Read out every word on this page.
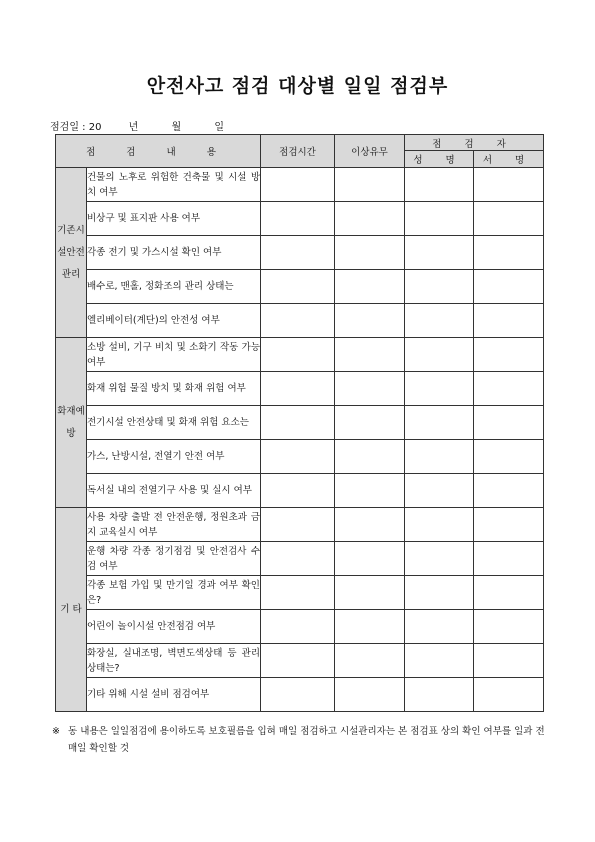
안전사고 점검 대상별 일일 점검부
점검일 : 20	년	월	일
점 검 내 용		점검시간	이상유무	점 검 자	
				성 명	서 명
기존시설안전관리	건물의 노후로 위험한 건축물 및 시설 방치 여부				
	비상구 및 표지판 사용 여부				
	각종 전기 및 가스시설 확인 여부				
	배수로, 맨홀, 정화조의 관리 상태는				
	엘리베이터(계단)의 안전성 여부				
화재예방	소방 설비, 기구 비치 및 소화기 작동 가능 여부				
	화재 위험 물질 방치 및 화재 위험 여부				
	전기시설 안전상태 및 화재 위험 요소는				
	가스, 난방시설, 전열기 안전 여부				
	독서실 내의 전열기구 사용 및 실시 여부				
기 타	사용 차량 출발 전 안전운행, 정원초과 금지 교육실시 여부				
	운행 차량 각종 정기점검 및 안전검사 수검 여부				
	각종 보험 가입 및 만기일 경과 여부 확인은?				
	어린이 놀이시설 안전점검 여부				
	화장실, 실내조명, 벽면도색상태 등 관리상태는?				
	기타 위해 시설 설비 점검여부				
※ 동 내용은 일일점검에 용이하도록 보호필름을 입혀 매일 점검하고 시설관리자는 본 점검표 상의 확인 여부를 일과 전 매일 확인할 것
